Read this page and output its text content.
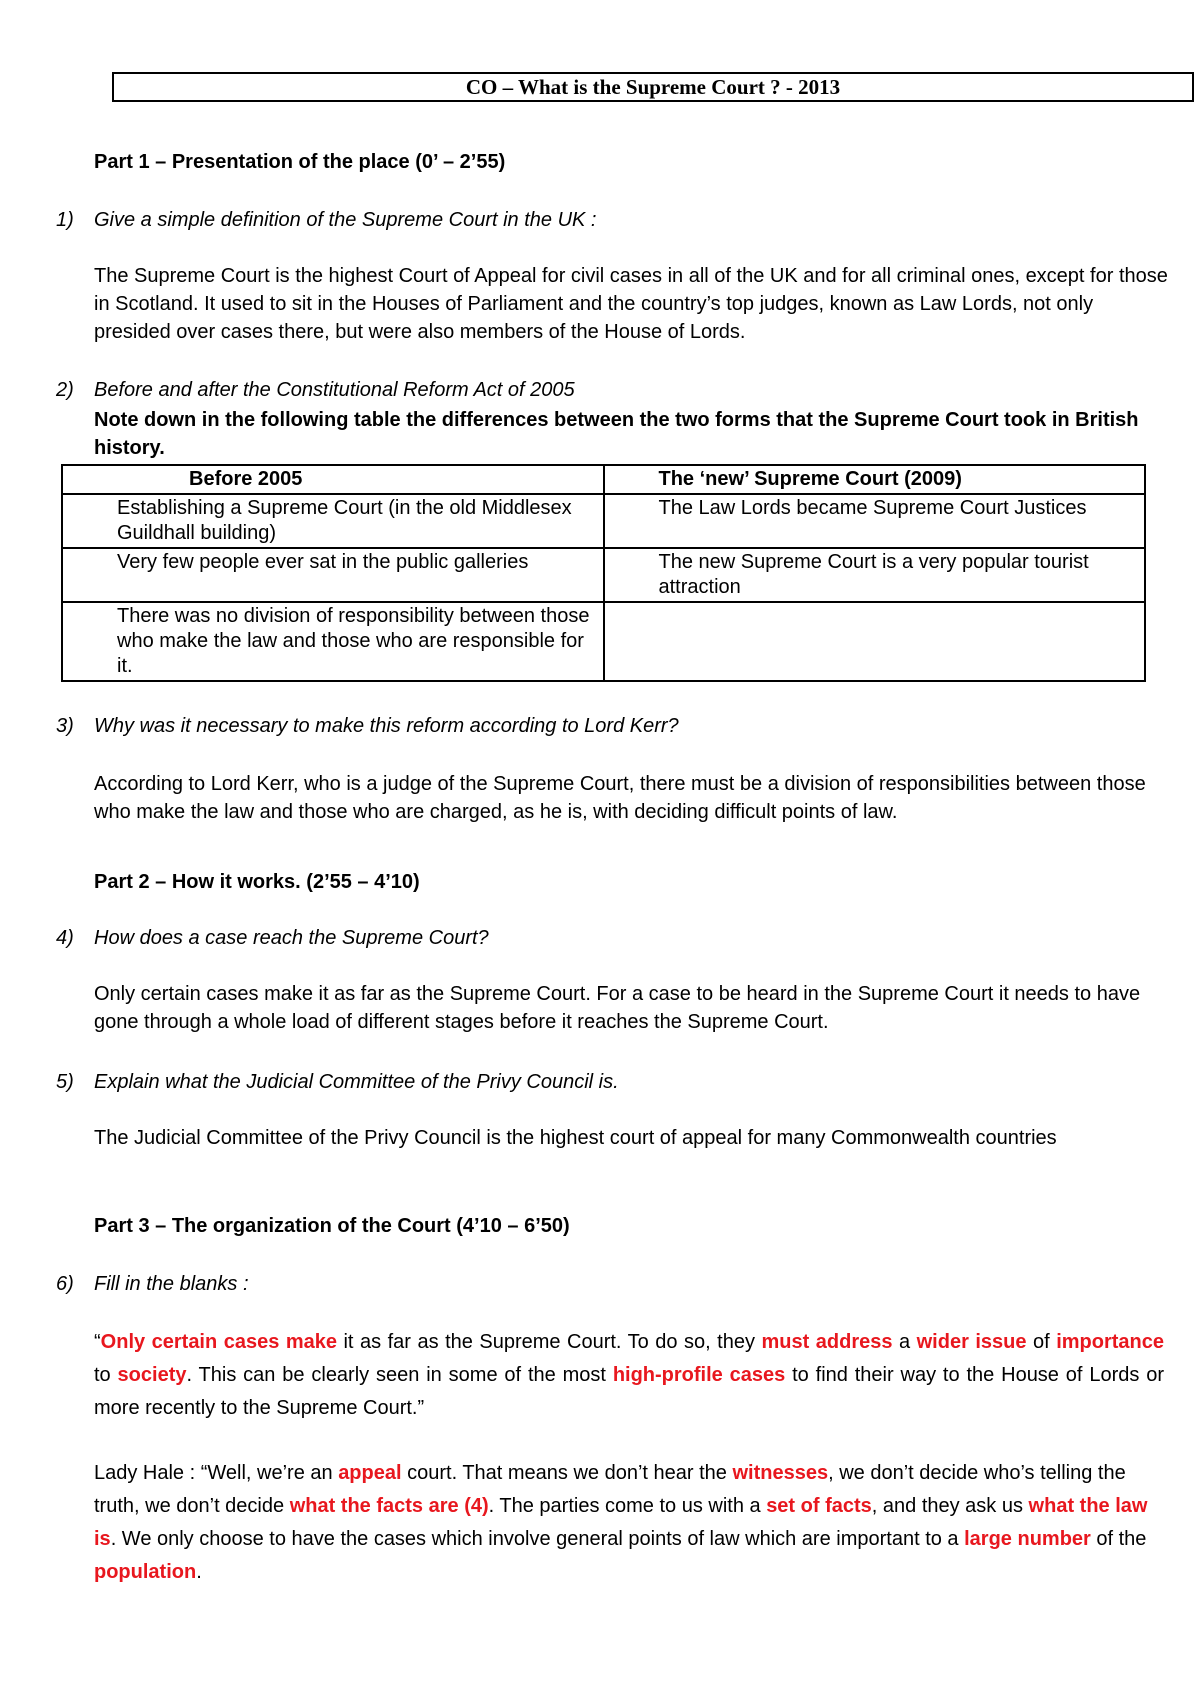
CO – What is the Supreme Court ? - 2013
Part 1 – Presentation of the place (0’ – 2’55)
1) Give a simple definition of the Supreme Court in the UK :
The Supreme Court is the highest Court of Appeal for civil cases in all of the UK and for all criminal ones, except for those in Scotland. It used to sit in the Houses of Parliament and the country’s top judges, known as Law Lords, not only presided over cases there, but were also members of the House of Lords.
2) Before and after the Constitutional Reform Act of 2005
Note down in the following table the differences between the two forms that the Supreme Court took in British history.
Before 2005	The ‘new’ Supreme Court (2009)
Establishing a Supreme Court (in the old Middlesex Guildhall building)	The Law Lords became Supreme Court Justices
Very few people ever sat in the public galleries	The new Supreme Court is a very popular tourist attraction
There was no division of responsibility between those who make the law and those who are responsible for it.	
3) Why was it necessary to make this reform according to Lord Kerr?
According to Lord Kerr, who is a judge of the Supreme Court, there must be a division of responsibilities between those who make the law and those who are charged, as he is, with deciding difficult points of law.
Part 2 – How it works. (2’55 – 4’10)
4) How does a case reach the Supreme Court?
Only certain cases make it as far as the Supreme Court. For a case to be heard in the Supreme Court it needs to have gone through a whole load of different stages before it reaches the Supreme Court.
5) Explain what the Judicial Committee of the Privy Council is.
The Judicial Committee of the Privy Council is the highest court of appeal for many Commonwealth countries
Part 3 – The organization of the Court (4’10 – 6’50)
6) Fill in the blanks :
“Only certain cases make it as far as the Supreme Court. To do so, they must address a wider issue of importance to society. This can be clearly seen in some of the most high-profile cases to find their way to the House of Lords or more recently to the Supreme Court.”
Lady Hale : “Well, we’re an appeal court. That means we don’t hear the witnesses, we don’t decide who’s telling the truth, we don’t decide what the facts are (4). The parties come to us with a set of facts, and they ask us what the law is. We only choose to have the cases which involve general points of law which are important to a large number of the population.
